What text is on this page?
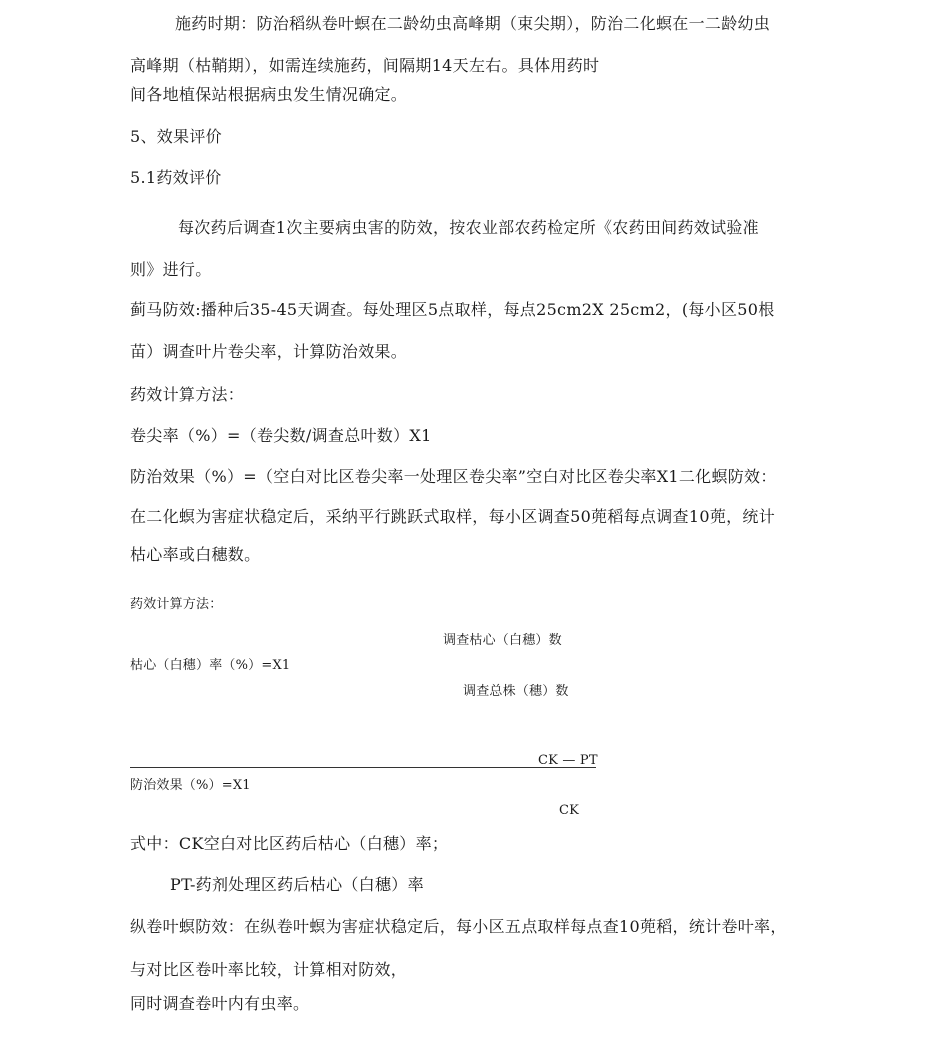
施药时期：防治稻纵卷叶螟在二龄幼虫高峰期（束尖期），防治二化螟在一二龄幼虫
高峰期（枯鞘期），如需连续施药，间隔期14天左右。具体用药时
间各地植保站根据病虫发生情况确定。
5、效果评价
5.1药效评价
每次药后调查1次主要病虫害的防效，按农业部农药检定所《农药田间药效试验准
则》进行。
蓟马防效:播种后35-45天调查。每处理区5点取样，每点25cm2X 25cm2，(每小区50根
苗）调查叶片卷尖率，计算防治效果。
药效计算方法：
卷尖率（%）=（卷尖数/调查总叶数）X1
防治效果（%）=（空白对比区卷尖率一处理区卷尖率”空白对比区卷尖率X1二化螟防效：
在二化螟为害症状稳定后，采纳平行跳跃式取样，每小区调查50蔸稻每点调查10蔸，统计
枯心率或白穗数。
药效计算方法：
调查枯心（白穗）数
枯心（白穗）率（%）=X1
调查总株（穗）数
CK — PT
防治效果（%）=X1
CK
式中：CK空白对比区药后枯心（白穗）率；
PT-药剂处理区药后枯心（白穗）率
纵卷叶螟防效：在纵卷叶螟为害症状稳定后，每小区五点取样每点查10蔸稻，统计卷叶率，
与对比区卷叶率比较，计算相对防效，
同时调查卷叶内有虫率。
